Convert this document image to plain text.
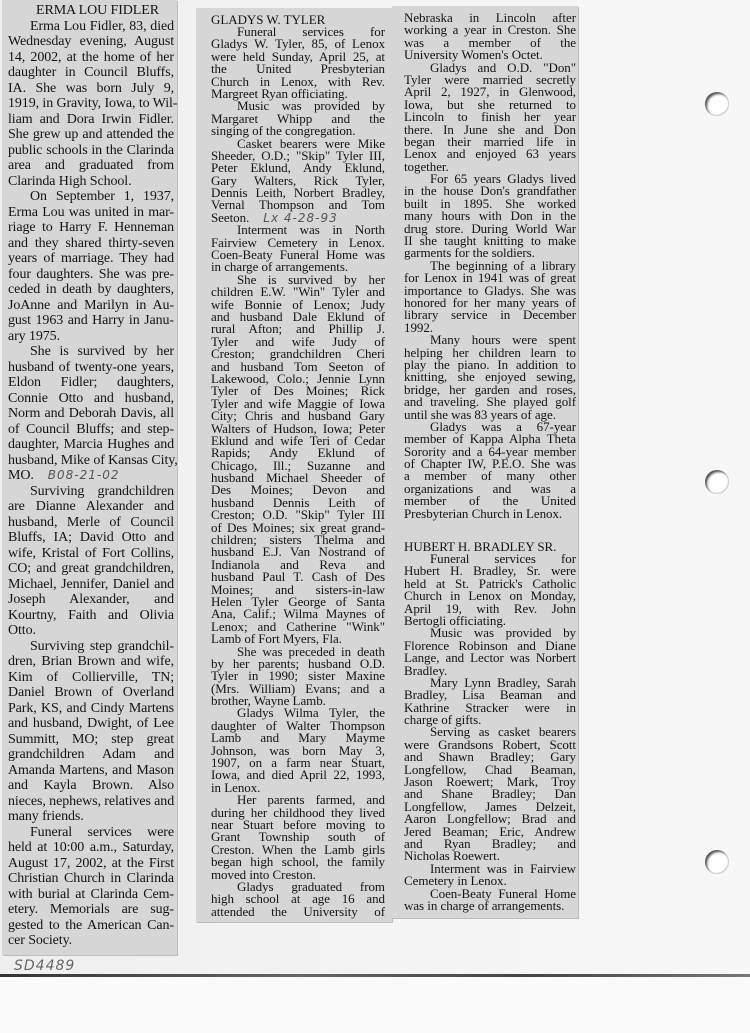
ERMA LOU FIDLER
Erma Lou Fidler, 83, died
Wednesday evening, August
14, 2002, at the home of her
daughter in Council Bluffs,
IA. She was born July 9,
1919, in Gravity, Iowa, to Wil-
liam and Dora Irwin Fidler.
She grew up and attended the
public schools in the Clarinda
area and graduated from
Clarinda High School.
On September 1, 1937,
Erma Lou was united in mar-
riage to Harry F. Henneman
and they shared thirty-seven
years of marriage. They had
four daughters. She was pre-
ceded in death by daughters,
JoAnne and Marilyn in Au-
gust 1963 and Harry in Janu-
ary 1975.
She is survived by her
husband of twenty-one years,
Eldon Fidler; daughters,
Connie Otto and husband,
Norm and Deborah Davis, all
of Council Bluffs; and step-
daughter, Marcia Hughes and
husband, Mike of Kansas City,
MO. B08-21-02
Surviving grandchildren
are Dianne Alexander and
husband, Merle of Council
Bluffs, IA; David Otto and
wife, Kristal of Fort Collins,
CO; and great grandchildren,
Michael, Jennifer, Daniel and
Joseph Alexander, and
Kourtny, Faith and Olivia
Otto.
Surviving step grandchil-
dren, Brian Brown and wife,
Kim of Collierville, TN;
Daniel Brown of Overland
Park, KS, and Cindy Martens
and husband, Dwight, of Lee
Summitt, MO; step great
grandchildren Adam and
Amanda Martens, and Mason
and Kayla Brown. Also
nieces, nephews, relatives and
many friends.
Funeral services were
held at 10:00 a.m., Saturday,
August 17, 2002, at the First
Christian Church in Clarinda
with burial at Clarinda Cem-
etery. Memorials are sug-
gested to the American Can-
cer Society.
GLADYS W. TYLER
Funeral services for
Gladys W. Tyler, 85, of Lenox
were held Sunday, April 25, at
the United Presbyterian
Church in Lenox, with Rev.
Margreet Ryan officiating.
Music was provided by
Margaret Whipp and the
singing of the congregation.
Casket bearers were Mike
Sheeder, O.D.; "Skip" Tyler III,
Peter Eklund, Andy Eklund,
Gary Walters, Rick Tyler,
Dennis Leith, Norbert Bradley,
Vernal Thompson and Tom
Seeton. Lx 4-28-93
Interment was in North
Fairview Cemetery in Lenox.
Coen-Beaty Funeral Home was
in charge of arrangements.
She is survived by her
children E.W. "Win" Tyler and
wife Bonnie of Lenox; Judy
and husband Dale Eklund of
rural Afton; and Phillip J.
Tyler and wife Judy of
Creston; grandchildren Cheri
and husband Tom Seeton of
Lakewood, Colo.; Jennie Lynn
Tyler of Des Moines; Rick
Tyler and wife Maggie of Iowa
City; Chris and husband Gary
Walters of Hudson, Iowa; Peter
Eklund and wife Teri of Cedar
Rapids; Andy Eklund of
Chicago, Ill.; Suzanne and
husband Michael Sheeder of
Des Moines; Devon and
husband Dennis Leith of
Creston; O.D. "Skip" Tyler III
of Des Moines; six great grand-
children; sisters Thelma and
husband E.J. Van Nostrand of
Indianola and Reva and
husband Paul T. Cash of Des
Moines; and sisters-in-law
Helen Tyler George of Santa
Ana, Calif.; Wilma Maynes of
Lenox; and Catherine "Wink"
Lamb of Fort Myers, Fla.
She was preceded in death
by her parents; husband O.D.
Tyler in 1990; sister Maxine
(Mrs. William) Evans; and a
brother, Wayne Lamb.
Gladys Wilma Tyler, the
daughter of Walter Thompson
Lamb and Mary Mayme
Johnson, was born May 3,
1907, on a farm near Stuart,
Iowa, and died April 22, 1993,
in Lenox.
Her parents farmed, and
during her childhood they lived
near Stuart before moving to
Grant Township south of
Creston. When the Lamb girls
began high school, the family
moved into Creston.
Gladys graduated from
high school at age 16 and
attended the University of
Nebraska in Lincoln after
working a year in Creston. She
was a member of the
University Women's Octet.
Gladys and O.D. "Don"
Tyler were married secretly
April 2, 1927, in Glenwood,
Iowa, but she returned to
Lincoln to finish her year
there. In June she and Don
began their married life in
Lenox and enjoyed 63 years
together.
For 65 years Gladys lived
in the house Don's grandfather
built in 1895. She worked
many hours with Don in the
drug store. During World War
II she taught knitting to make
garments for the soldiers.
The beginning of a library
for Lenox in 1941 was of great
importance to Gladys. She was
honored for her many years of
library service in December
1992.
Many hours were spent
helping her children learn to
play the piano. In addition to
knitting, she enjoyed sewing,
bridge, her garden and roses,
and traveling. She played golf
until she was 83 years of age.
Gladys was a 67-year
member of Kappa Alpha Theta
Sorority and a 64-year member
of Chapter IW, P.E.O. She was
a member of many other
organizations and was a
member of the United
Presbyterian Church in Lenox.
HUBERT H. BRADLEY SR.
Funeral services for
Hubert H. Bradley, Sr. were
held at St. Patrick's Catholic
Church in Lenox on Monday,
April 19, with Rev. John
Bertogli officiating.
Music was provided by
Florence Robinson and Diane
Lange, and Lector was Norbert
Bradley.
Mary Lynn Bradley, Sarah
Bradley, Lisa Beaman and
Kathrine Stracker were in
charge of gifts.
Serving as casket bearers
were Grandsons Robert, Scott
and Shawn Bradley; Gary
Longfellow, Chad Beaman,
Jason Roewert; Mark, Troy
and Shane Bradley; Dan
Longfellow, James Delzeit,
Aaron Longfellow; Brad and
Jered Beaman; Eric, Andrew
and Ryan Bradley; and
Nicholas Roewert.
Interment was in Fairview
Cemetery in Lenox.
Coen-Beaty Funeral Home
was in charge of arrangements.
SD4489
